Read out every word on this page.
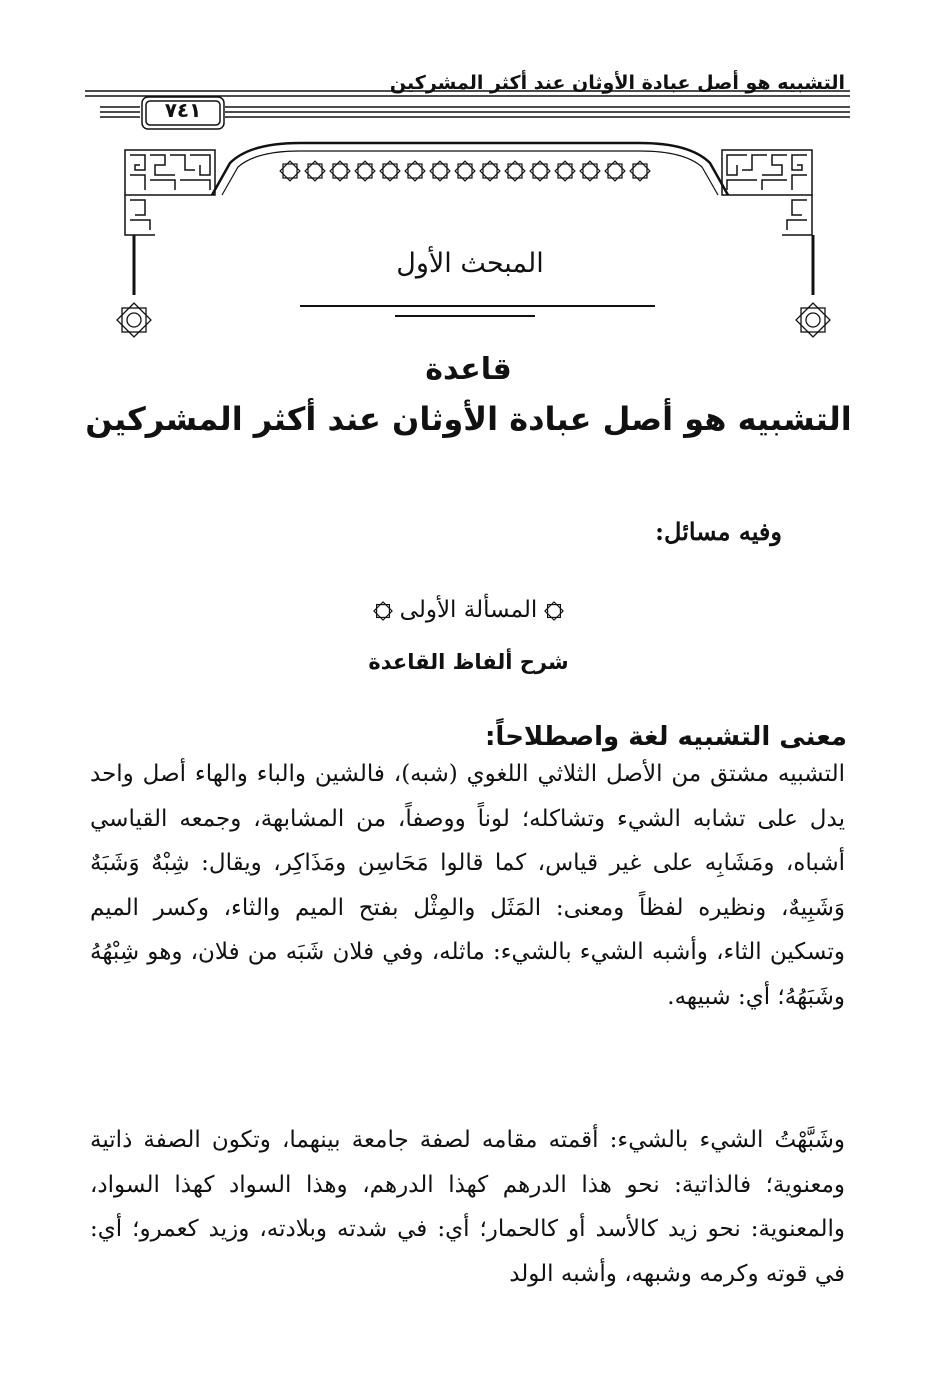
التشبيه هو أصل عبادة الأوثان عند أكثر المشركين
٧٤١
المبحث الأول
قاعدة
التشبيه هو أصل عبادة الأوثان عند أكثر المشركين
وفيه مسائل:
المسألة الأولى
شرح ألفاظ القاعدة
معنى التشبيه لغة واصطلاحاً:
التشبيه مشتق من الأصل الثلاثي اللغوي (شبه)، فالشين والباء والهاء أصل واحد يدل على تشابه الشيء وتشاكله؛ لوناً ووصفاً، من المشابهة، وجمعه القياسي أشباه، ومَشَابِه على غير قياس، كما قالوا مَحَاسِن ومَذَاكِر، ويقال: شِبْهٌ وَشَبَهٌ وَشَبِيهٌ، ونظيره لفظاً ومعنى: المَثَل والمِثْل بفتح الميم والثاء، وكسر الميم وتسكين الثاء، وأشبه الشيء بالشيء: ماثله، وفي فلان شَبَه من فلان، وهو شِبْهُهُ وشَبَهُهُ؛ أي: شبيهه.
وشَبَّهْتُ الشيء بالشيء: أقمته مقامه لصفة جامعة بينهما، وتكون الصفة ذاتية ومعنوية؛ فالذاتية: نحو هذا الدرهم كهذا الدرهم، وهذا السواد كهذا السواد، والمعنوية: نحو زيد كالأسد أو كالحمار؛ أي: في شدته وبلادته، وزيد كعمرو؛ أي: في قوته وكرمه وشبهه، وأشبه الولد
